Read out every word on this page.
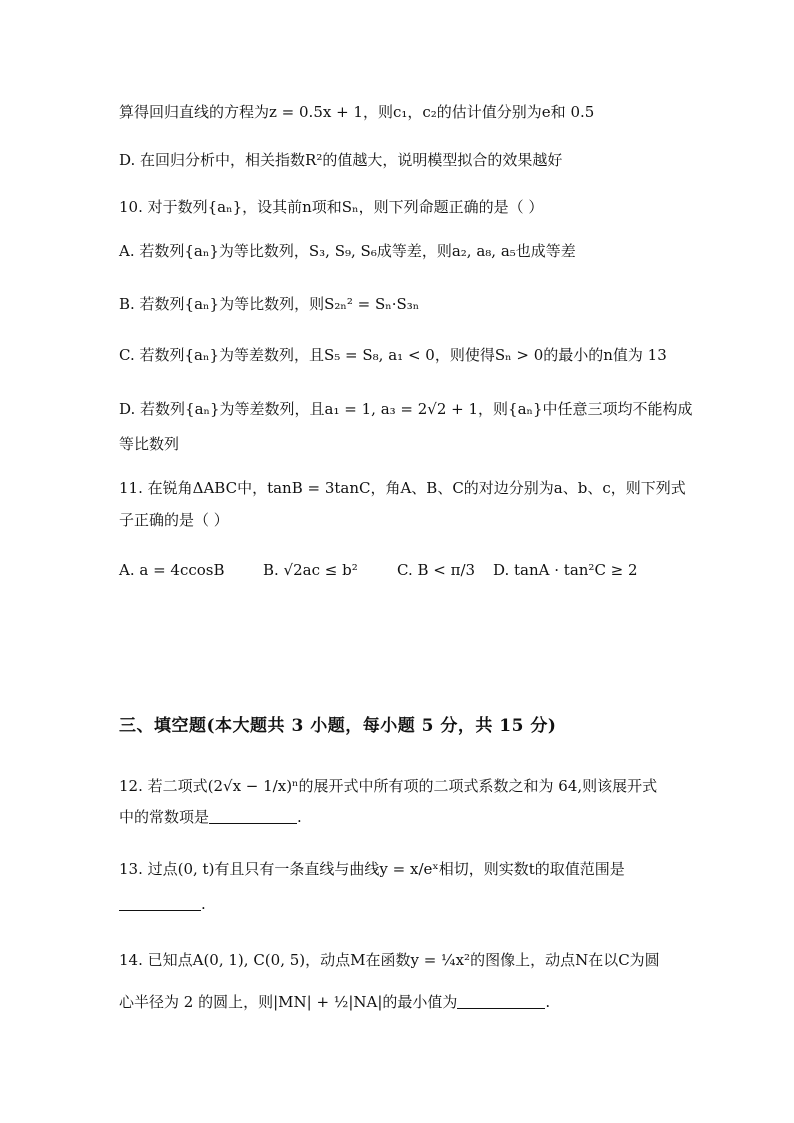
算得回归直线的方程为z = 0.5x + 1，则c₁，c₂的估计值分别为e和 0.5
D. 在回归分析中，相关指数R²的值越大，说明模型拟合的效果越好
10. 对于数列{aₙ}，设其前n项和Sₙ，则下列命题正确的是（ ）
A. 若数列{aₙ}为等比数列，S₃, S₉, S₆成等差，则a₂, a₈, a₅也成等差
B. 若数列{aₙ}为等比数列，则S₂ₙ² = Sₙ·S₃ₙ
C. 若数列{aₙ}为等差数列，且S₅ = S₈, a₁ < 0，则使得Sₙ > 0的最小的n值为 13
D. 若数列{aₙ}为等差数列，且a₁ = 1, a₃ = 2√2 + 1，则{aₙ}中任意三项均不能构成
等比数列
11. 在锐角ΔABC中，tanB = 3tanC，角A、B、C的对边分别为a、b、c，则下列式
子正确的是（ ）
A. a = 4ccosB	B. √2ac ≤ b²	C. B < π/3 D. tanA · tan²C ≥ 2
三、填空题(本大题共 3 小题，每小题 5 分，共 15 分)
12. 若二项式(2√x − 1/x)ⁿ的展开式中所有项的二项式系数之和为 64,则该展开式
中的常数项是	.
13. 过点(0, t)有且只有一条直线与曲线y = x/eˣ相切，则实数t的取值范围是
.
14. 已知点A(0, 1), C(0, 5)，动点M在函数y = ¼x²的图像上，动点N在以C为圆
心半径为 2 的圆上，则|MN| + ½|NA|的最小值为	.
